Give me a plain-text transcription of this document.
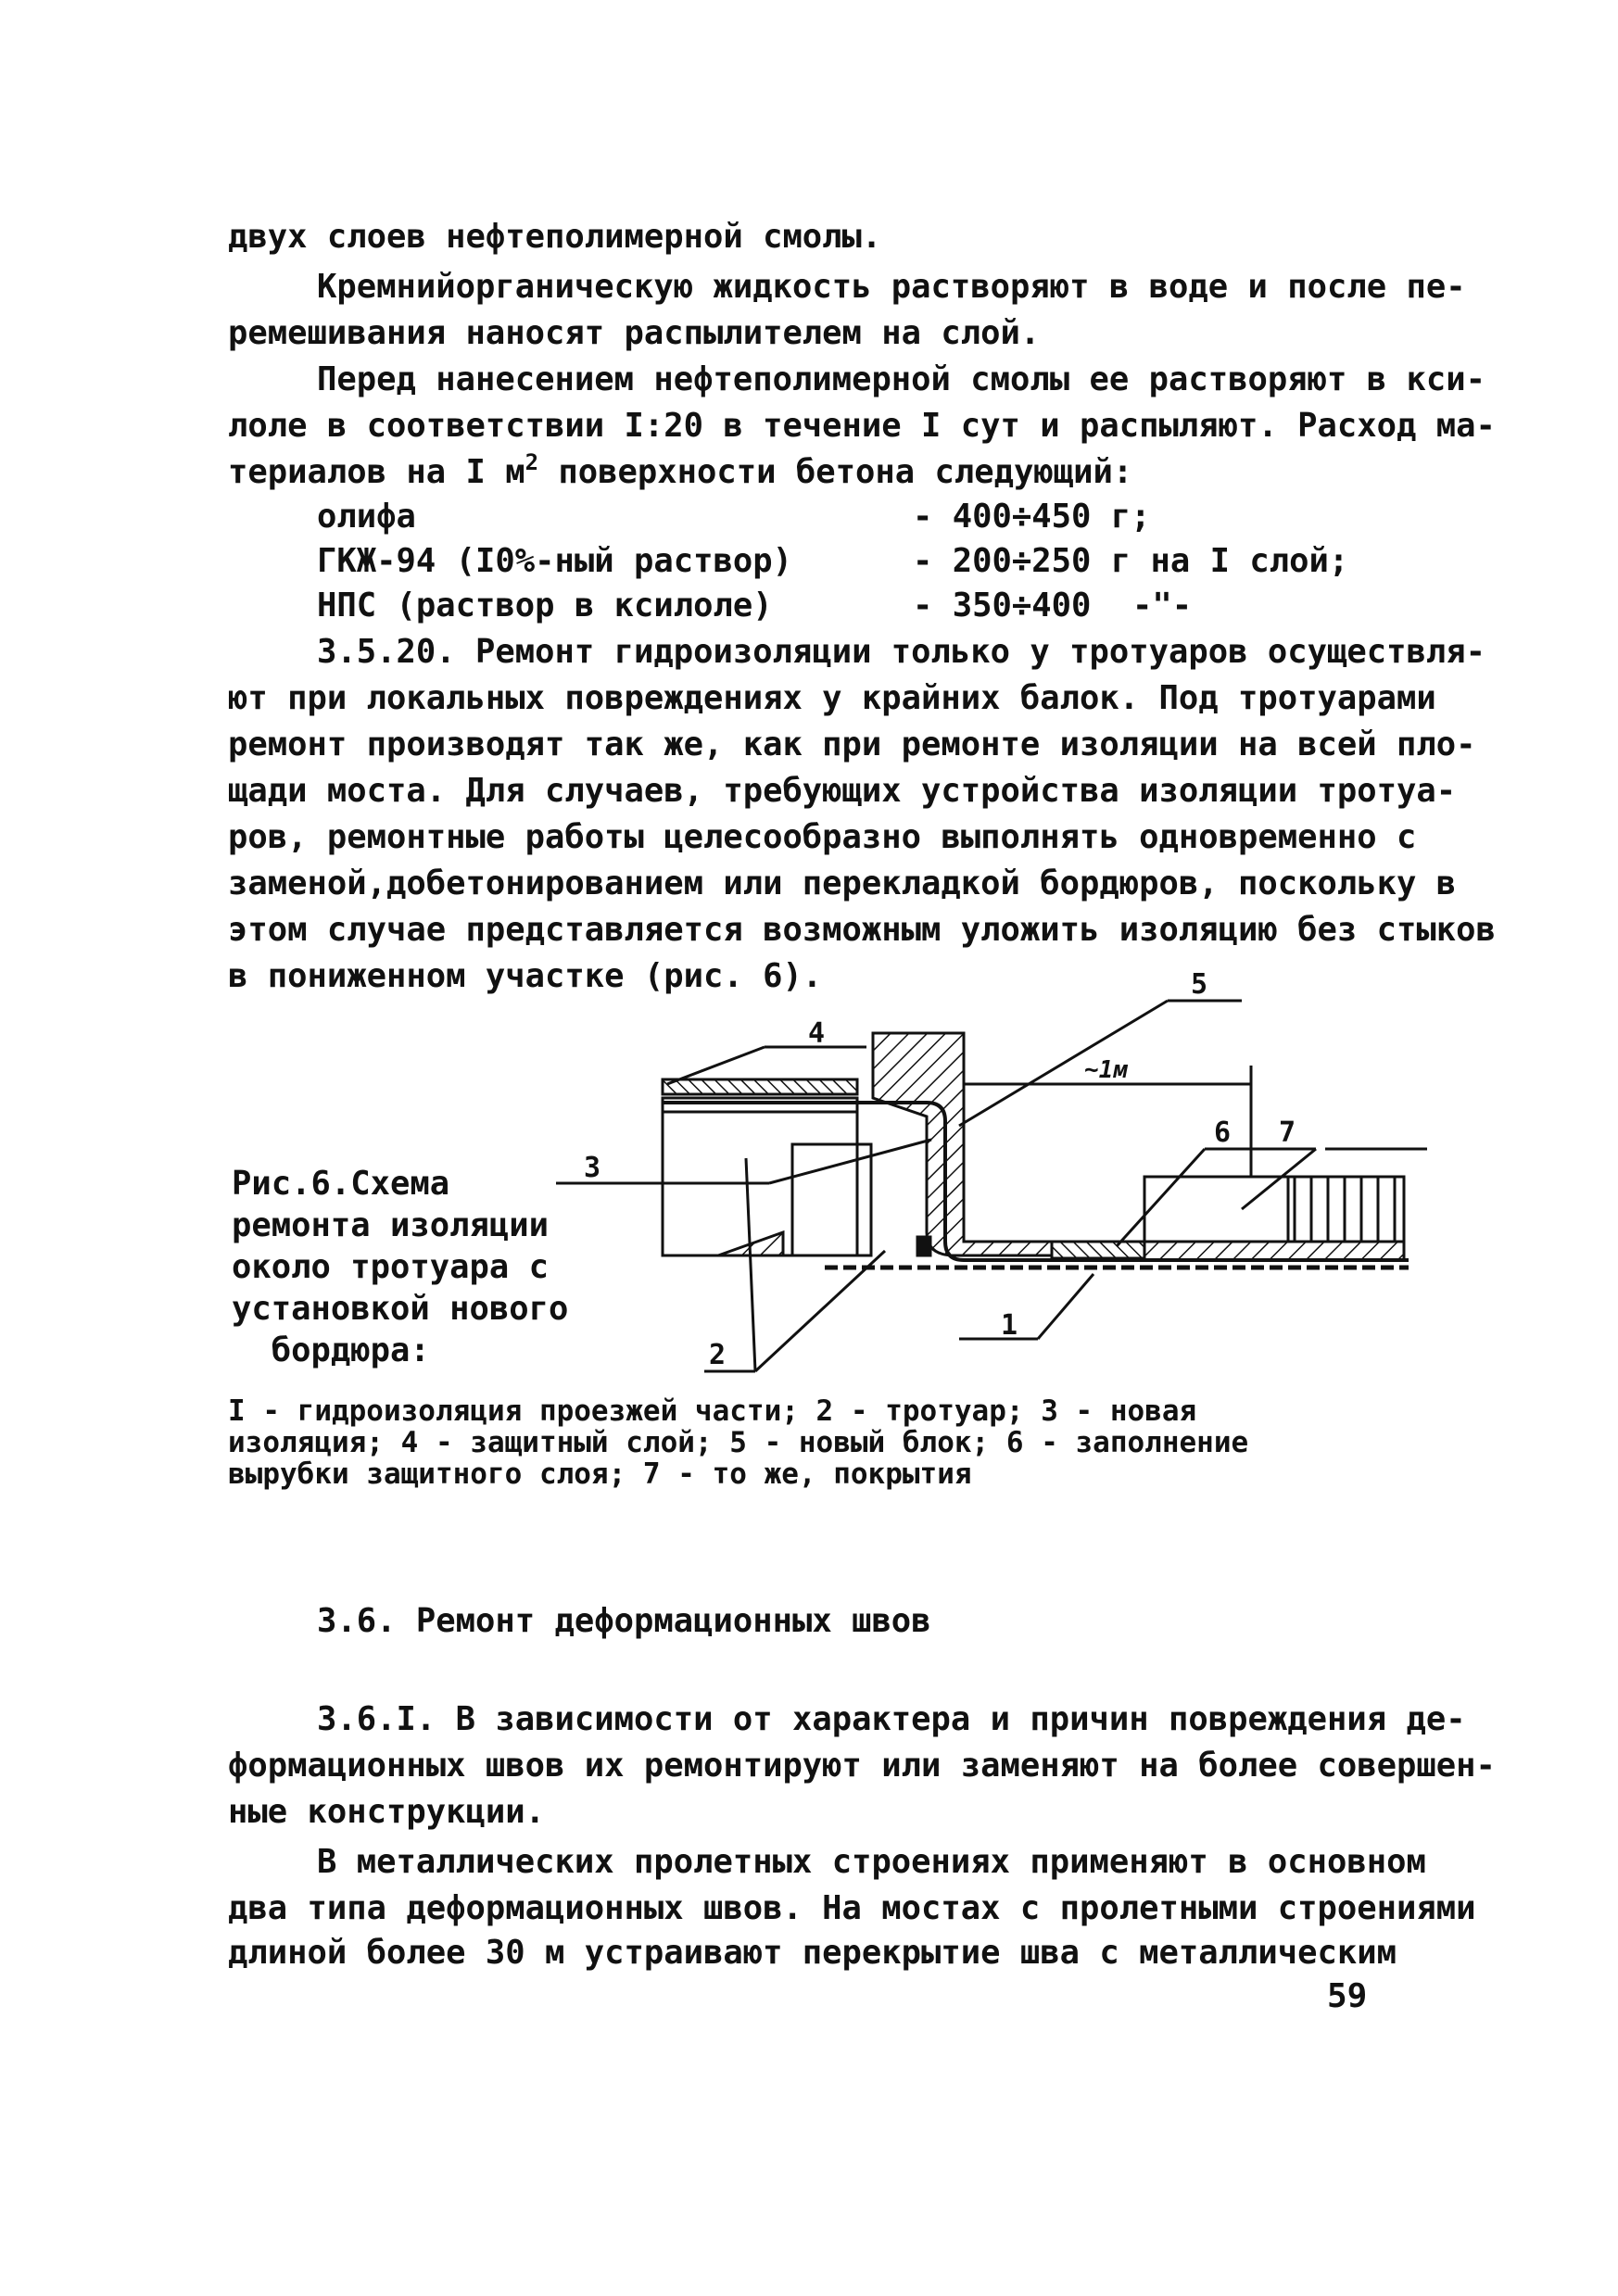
двух слоев нефтеполимерной смолы.
Кремнийорганическую жидкость растворяют в воде и после пе-
ремешивания наносят распылителем на слой.
Перед нанесением нефтеполимерной смолы ее растворяют в кси-
лоле в соответствии I:20 в течение I сут и распыляют. Расход ма-
териалов на I $м^2$ поверхности бетона следующий:
олифа	- 400÷450 г;
ГКЖ-94 (I0%-ный раствор)	- 200÷250 г на I слой;
НПС (раствор в ксилоле)	- 350÷400 -"-
3.5.20. Ремонт гидроизоляции только у тротуаров осуществля-
ют при локальных повреждениях у крайних балок. Под тротуарами
ремонт производят так же, как при ремонте изоляции на всей пло-
щади моста. Для случаев, требующих устройства изоляции тротуа-
ров, ремонтные работы целесообразно выполнять одновременно с
заменой,добетонированием или перекладкой бордюров, поскольку в
этом случае представляется возможным уложить изоляцию без стыков
в пониженном участке (рис. 6).
Рис.6.Схема
ремонта изоляции
около тротуара с
установкой нового
бордюра:
4
5
3
6 7
1
2
~1м
I - гидроизоляция проезжей части; 2 - тротуар; 3 - новая
изоляция; 4 - защитный слой; 5 - новый блок; 6 - заполнение
вырубки защитного слоя; 7 - то же, покрытия
3.6. Ремонт деформационных швов
3.6.I. В зависимости от характера и причин повреждения де-
формационных швов их ремонтируют или заменяют на более совершен-
ные конструкции.
В металлических пролетных строениях применяют в основном
два типа деформационных швов. На мостах с пролетными строениями
длиной более 30 м устраивают перекрытие шва с металлическим
59
